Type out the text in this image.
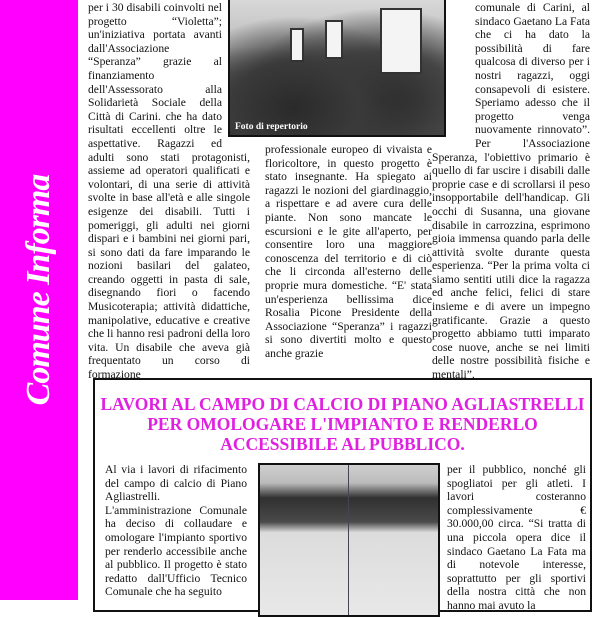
Comune Informa
Foto di repertorio

per i 30 disabili coinvolti nel progetto “Violetta”; un'iniziativa portata avanti dall'Associazione “Speranza” grazie al finanziamento dell'Assessorato alla Solidarietà Sociale della Città di Carini. che ha dato risultati eccellenti oltre le aspettative. Ragazzi ed adulti sono stati protagonisti, assieme ad operatori qualificati e volontari, di una serie di attività svolte in base all'età e alle singole esigenze dei disabili. Tutti i pomeriggi, gli adulti nei giorni dispari e i bambini nei giorni pari, si sono dati da fare imparando le nozioni basilari del galateo, creando oggetti in pasta di sale, disegnando fiori o facendo Musicoterapia; attività didattiche, manipolative, educative e creative che li hanno resi padroni della loro vita. Un disabile che aveva già frequentato un corso di formazione

professionale europeo di vivaista e floricoltore, in questo progetto è stato insegnante. Ha spiegato ai ragazzi le nozioni del giardinaggio, a rispettare e ad avere cura delle piante. Non sono mancate le escursioni e le gite all'aperto, per consentire loro una maggiore conoscenza del territorio e di ciò che li circonda all'esterno delle proprie mura domestiche. “E' stata un'esperienza bellissima dice Rosalia Picone Presidente della Associazione “Speranza” i ragazzi si sono divertiti molto e questo anche grazie

comunale di Carini, al sindaco Gaetano La Fata che ci ha dato la possibilità di fare qualcosa di diverso per i nostri ragazzi, oggi consapevoli di esistere. Speriamo adesso che il progetto venga nuovamente rinnovato”. Per l'Associazione Speranza, l'obiettivo primario è quello di far uscire i disabili dalle proprie case e di scrollarsi il peso insopportabile dell'handicap. Gli occhi di Susanna, una giovane disabile in carrozzina, esprimono gioia immensa quando parla delle attività svolte durante questa esperienza. “Per la prima volta ci siamo sentiti utili dice la ragazza ed anche felici, felici di stare insieme e di avere un impegno gratificante. Grazie a questo progetto abbiamo tutti imparato cose nuove, anche se nei limiti delle nostre possibilità fisiche e mentali”.

LAVORI AL CAMPO DI CALCIO DI PIANO AGLIASTRELLI PER OMOLOGARE L'IMPIANTO E RENDERLO ACCESSIBILE AL PUBBLICO.

Al via i lavori di rifacimento del campo di calcio di Piano Agliastrelli. L'amministrazione Comunale ha deciso di collaudare e omologare l'impianto sportivo per renderlo accessibile anche al pubblico. Il progetto è stato redatto dall'Ufficio Tecnico Comunale che ha seguito

per il pubblico, nonché gli spogliatoi per gli atleti. I lavori costeranno complessivamente € 30.000,00 circa. “Si tratta di una piccola opera dice il sindaco Gaetano La Fata ma di notevole interesse, soprattutto per gli sportivi della nostra città che non hanno mai avuto la
